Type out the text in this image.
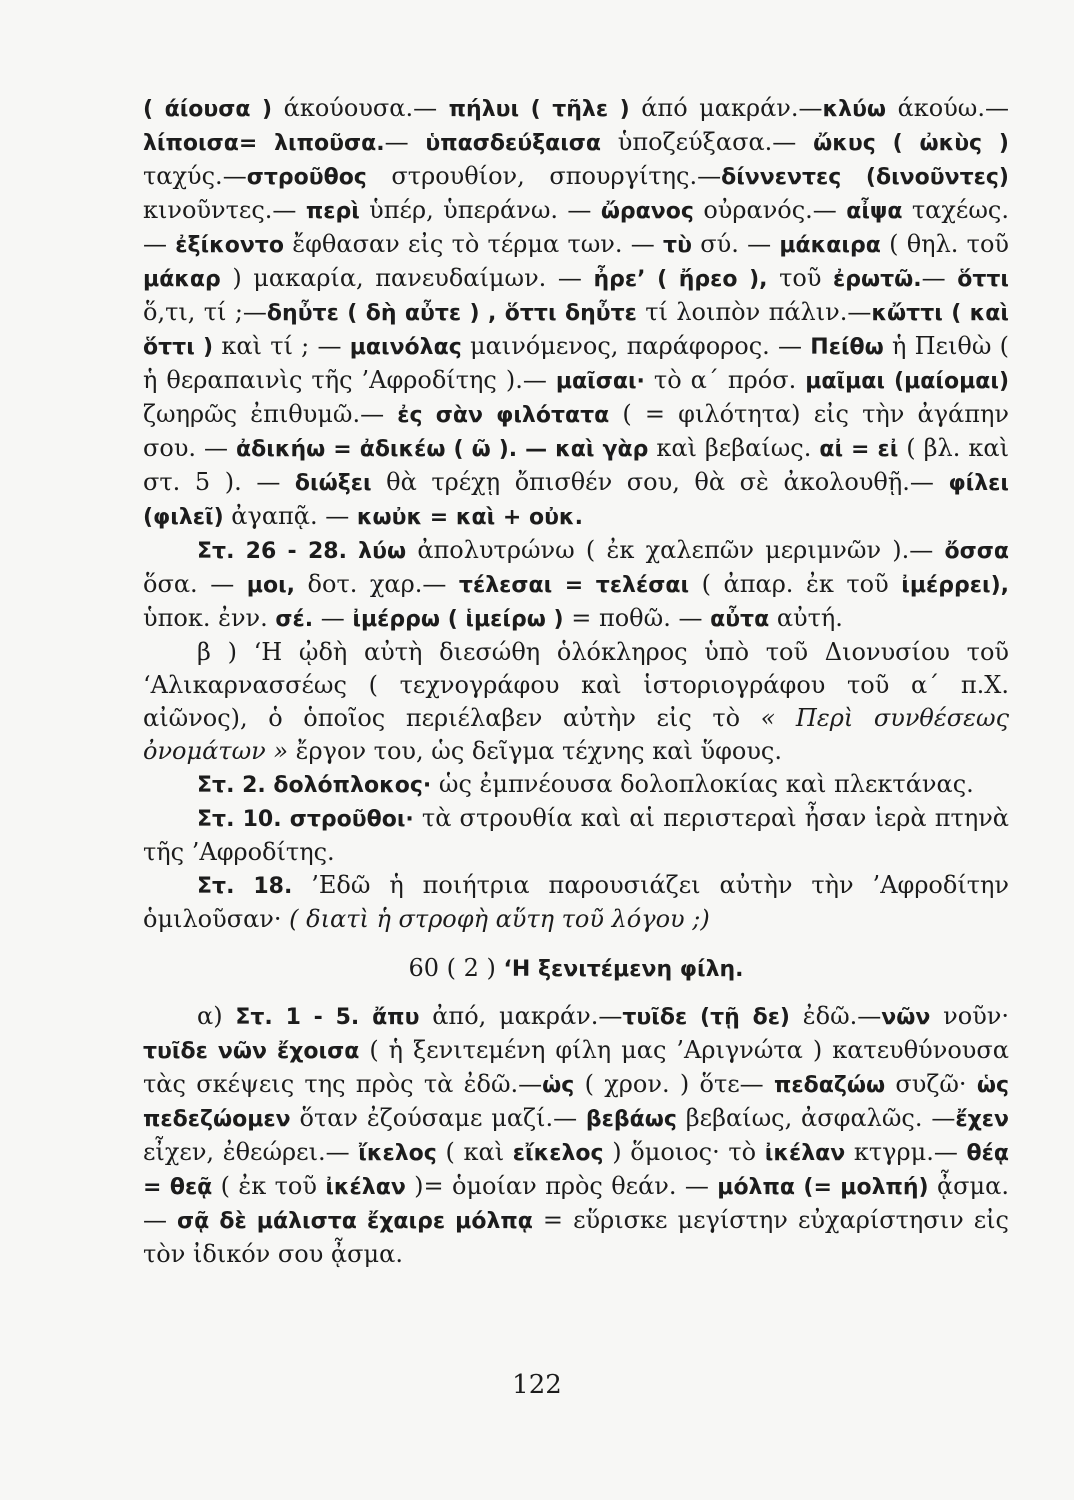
( άίουσα ) άκούουσα.— πήλυι ( τῆλε ) άπό μακράν.—κλύω άκούω.— λίποισα= λιποῦσα.— ὑπασδεύξαισα ὑποζεύξασα.— ὤκυς ( ὠκὺς ) ταχύς.—στροῦθος στρουθίον, σπουργίτης.—δίννεντες (δινοῦντες) κινοῦντες.— περὶ ὑπέρ, ὑπεράνω. — ὤρανος οὐρανός.— αἶψα ταχέως. — ἐξίκοντο ἔφθασαν εἰς τὸ τέρμα των. — τὺ σύ. — μάκαιρα ( θηλ. τοῦ μάκαρ ) μακαρία, πανευδαίμων. — ἦρε’ ( ἤρεο ), τοῦ ἐρωτῶ.— ὅττι ὅ,τι, τί ;—δηὖτε ( δὴ αὖτε ) , ὅττι δηὖτε τί λοιπὸν πάλιν.—κὤττι ( καὶ ὅττι ) καὶ τί ; — μαινόλας μαινόμενος, παράφορος. — Πείθω ἡ Πειθὼ ( ἡ θεραπαινὶς τῆς ’Αφροδίτης ).— μαῖσαι· τὸ α΄ πρόσ. μαῖμαι (μαίομαι) ζωηρῶς ἐπιθυμῶ.— ἐς σὰν φιλότατα ( = φιλότητα) εἰς τὴν ἀγάπην σου. — ἀδικήω = ἀδικέω ( ῶ ). — καὶ γὰρ καὶ βεβαίως. αἰ = εἰ ( βλ. καὶ στ. 5 ). — διώξει θὰ τρέχῃ ὄπισθέν σου, θὰ σὲ ἀκολουθῇ.— φίλει (φιλεῖ) ἀγαπᾷ. — κωὐκ = καὶ + οὐκ.

Στ. 26 - 28. λύω ἀπολυτρώνω ( ἐκ χαλεπῶν μεριμνῶν ).— ὄσσα ὅσα. — μοι, δοτ. χαρ.— τέλεσαι = τελέσαι ( ἀπαρ. ἐκ τοῦ ἰμέρρει), ὑποκ. ἐνν. σέ. — ἰμέρρω ( ἱμείρω ) = ποθῶ. — αὖτα αὐτή.

β ) ‘Η ᾠδὴ αὐτὴ διεσώθη ὁλόκληρος ὑπὸ τοῦ Διονυσίου τοῦ ‘Αλικαρνασσέως ( τεχνογράφου καὶ ἱστοριογράφου τοῦ α΄ π.Χ. αἰῶνος), ὁ ὁποῖος περιέλαβεν αὐτὴν εἰς τὸ « Περὶ συνθέσεως ὀνομάτων » ἔργον του, ὡς δεῖγμα τέχνης καὶ ὕφους.

Στ. 2. δολόπλοκος· ὡς ἐμπνέουσα δολοπλοκίας καὶ πλεκτάνας.

Στ. 10. στροῦθοι· τὰ στρουθία καὶ αἱ περιστεραὶ ἦσαν ἱερὰ πτηνὰ τῆς ’Αφροδίτης.

Στ. 18. ’Εδῶ ἡ ποιήτρια παρουσιάζει αὐτὴν τὴν ’Αφροδίτην ὁμιλοῦσαν· ( διατὶ ἡ στροφὴ αὕτη τοῦ λόγου ;)

60 ( 2 ) ‘Η ξενιτέμενη φίλη.

α) Στ. 1 - 5. ἄπυ ἀπό, μακράν.—τυῖδε (τῇ δε) ἐδῶ.—νῶν νοῦν· τυῖδε νῶν ἔχοισα ( ἡ ξενιτεμένη φίλη μας ’Αριγνώτα ) κατευθύνουσα τὰς σκέψεις της πρὸς τὰ ἐδῶ.—ὡς ( χρον. ) ὅτε— πεδαζώω συζῶ· ὡς πεδεζώομεν ὅταν ἐζούσαμε μαζί.— βεβάως βεβαίως, ἀσφαλῶς. —ἔχεν εἶχεν, ἐθεώρει.— ἴκελος ( καὶ εἴκελος ) ὅμοιος· τὸ ἰκέλαν κτγρμ.— θέᾳ = θεᾷ ( ἐκ τοῦ ἰκέλαν )= ὁμοίαν πρὸς θεάν. — μόλπα (= μολπή) ᾆσμα.— σᾷ δὲ μάλιστα ἔχαιρε μόλπᾳ = εὕρισκε μεγίστην εὐχαρίστησιν εἰς τὸν ἰδικόν σου ᾆσμα.

122
